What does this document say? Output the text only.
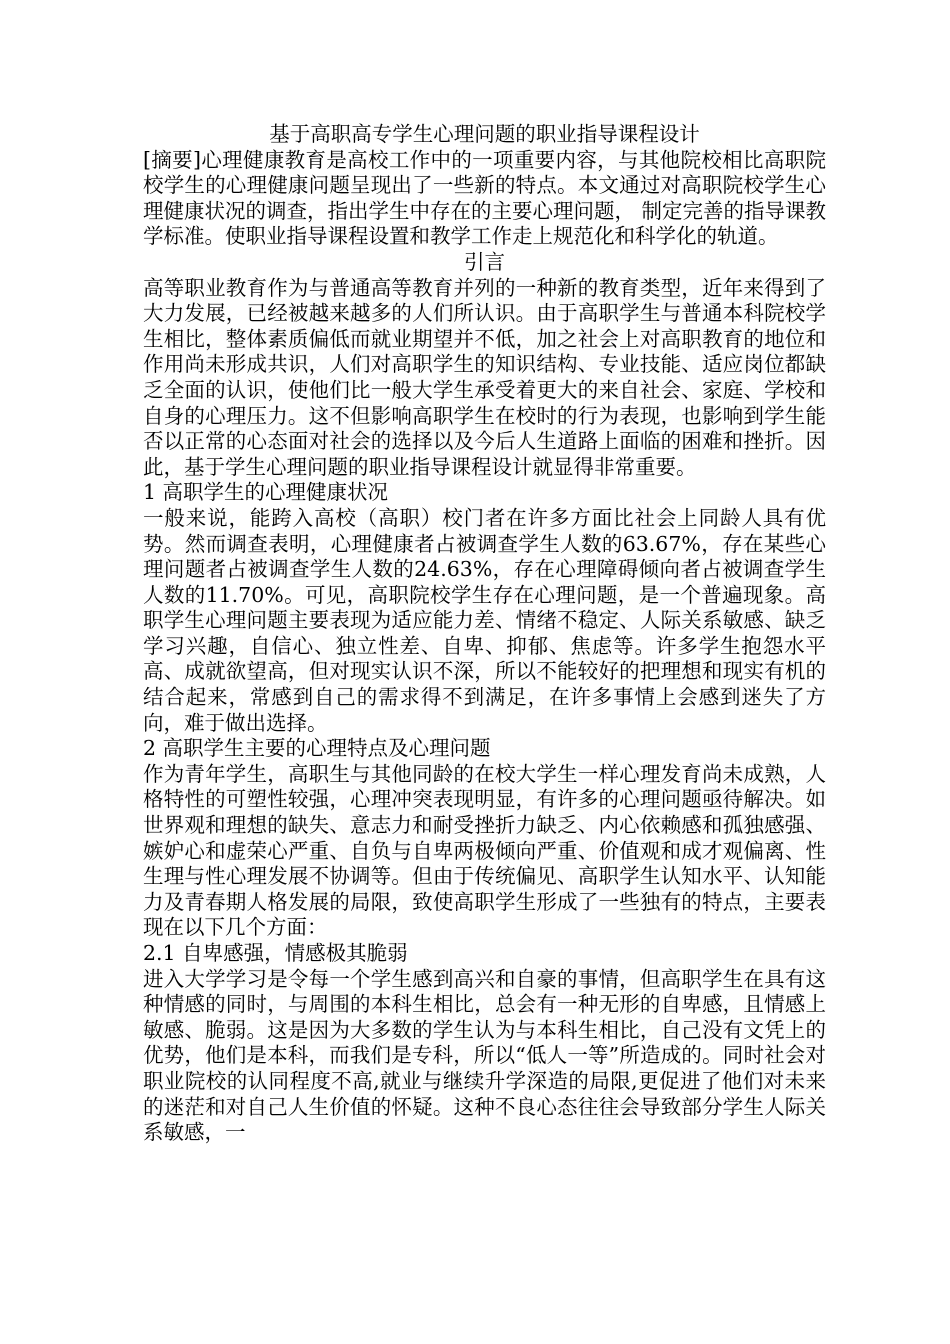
基于高职高专学生心理问题的职业指导课程设计

[摘要]心理健康教育是高校工作中的一项重要内容，与其他院校相比高职院校学生的心理健康问题呈现出了一些新的特点。本文通过对高职院校学生心理健康状况的调查，指出学生中存在的主要心理问题， 制定完善的指导课教学标准。使职业指导课程设置和教学工作走上规范化和科学化的轨道。

引言

高等职业教育作为与普通高等教育并列的一种新的教育类型，近年来得到了大力发展，已经被越来越多的人们所认识。由于高职学生与普通本科院校学生相比，整体素质偏低而就业期望并不低，加之社会上对高职教育的地位和作用尚未形成共识，人们对高职学生的知识结构、专业技能、适应岗位都缺乏全面的认识，使他们比一般大学生承受着更大的来自社会、家庭、学校和自身的心理压力。这不但影响高职学生在校时的行为表现，也影响到学生能否以正常的心态面对社会的选择以及今后人生道路上面临的困难和挫折。因此，基于学生心理问题的职业指导课程设计就显得非常重要。

1 高职学生的心理健康状况

一般来说，能跨入高校（高职）校门者在许多方面比社会上同龄人具有优势。然而调查表明，心理健康者占被调查学生人数的63.67%，存在某些心理问题者占被调查学生人数的24.63%，存在心理障碍倾向者占被调查学生人数的11.70%。可见，高职院校学生存在心理问题，是一个普遍现象。高职学生心理问题主要表现为适应能力差、情绪不稳定、人际关系敏感、缺乏学习兴趣，自信心、独立性差、自卑、抑郁、焦虑等。许多学生抱怨水平高、成就欲望高，但对现实认识不深，所以不能较好的把理想和现实有机的结合起来，常感到自己的需求得不到满足，在许多事情上会感到迷失了方向，难于做出选择。

2 高职学生主要的心理特点及心理问题

作为青年学生，高职生与其他同龄的在校大学生一样心理发育尚未成熟，人格特性的可塑性较强，心理冲突表现明显，有许多的心理问题亟待解决。如世界观和理想的缺失、意志力和耐受挫折力缺乏、内心依赖感和孤独感强、嫉妒心和虚荣心严重、自负与自卑两极倾向严重、价值观和成才观偏离、性生理与性心理发展不协调等。但由于传统偏见、高职学生认知水平、认知能力及青春期人格发展的局限，致使高职学生形成了一些独有的特点，主要表现在以下几个方面：

2.1 自卑感强，情感极其脆弱

进入大学学习是令每一个学生感到高兴和自豪的事情，但高职学生在具有这种情感的同时，与周围的本科生相比，总会有一种无形的自卑感，且情感上敏感、脆弱。这是因为大多数的学生认为与本科生相比，自己没有文凭上的优势，他们是本科，而我们是专科，所以“低人一等”所造成的。同时社会对职业院校的认同程度不高,就业与继续升学深造的局限,更促进了他们对未来的迷茫和对自己人生价值的怀疑。这种不良心态往往会导致部分学生人际关系敏感，一
